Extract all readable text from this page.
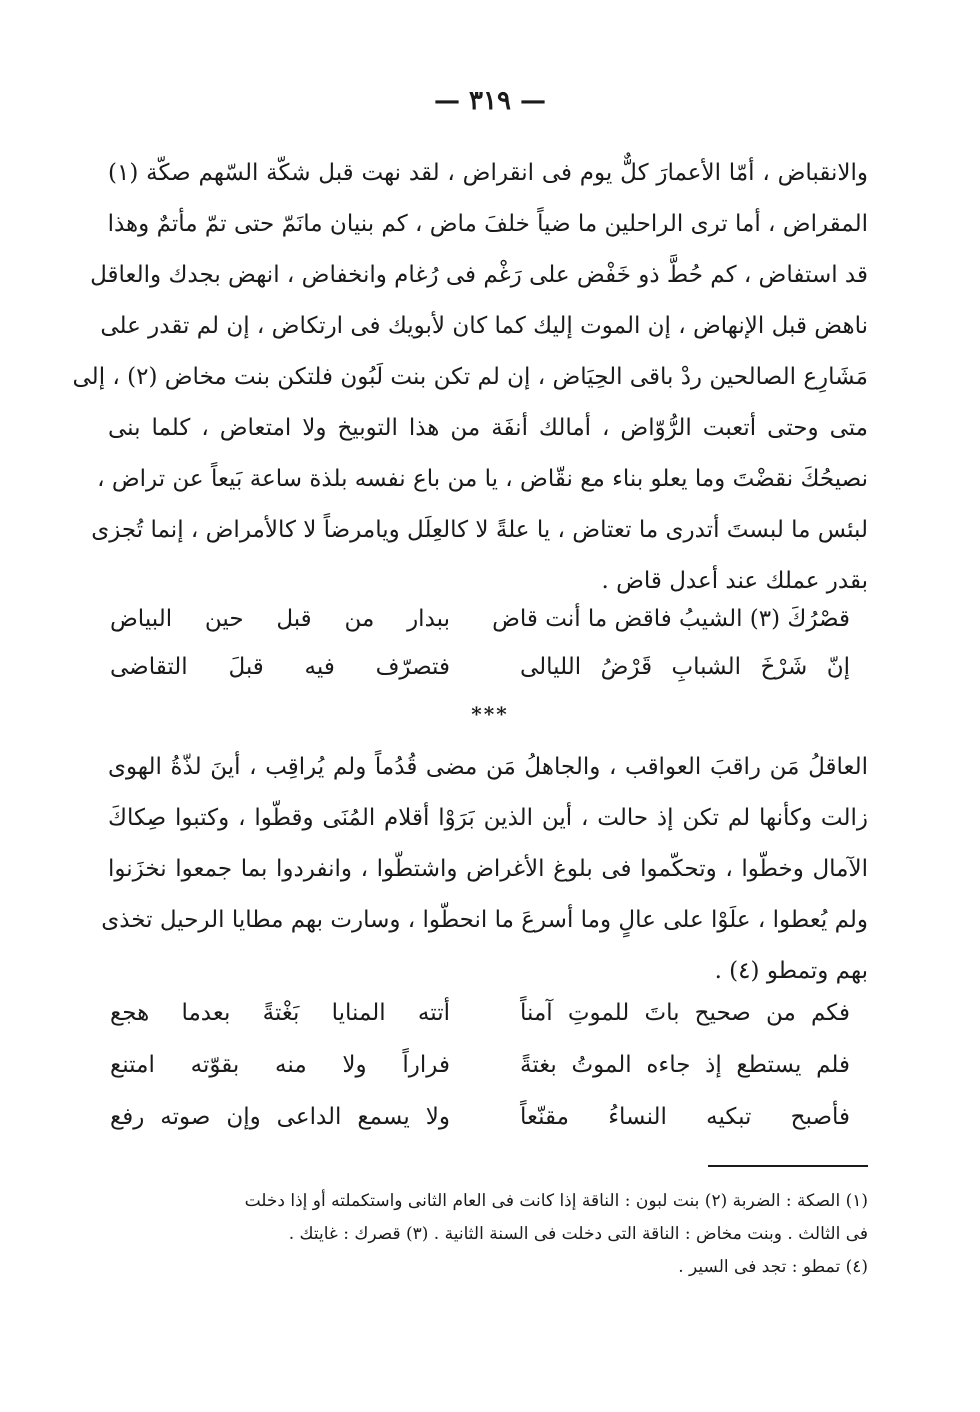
— ٣١٩ —
والانقباض ، أمّا الأعمارَ كلٌّ يوم فى انقراض ، لقد نهت قبل شكّة السّهم صكّة (١)
المقراض ، أما ترى الراحلين ما ضياً خلفَ ماض ، كم بنيان مانَمّ حتى تمّ مأتمٌ وهذا
قد استفاض ، كم حُطَّ ذو خَفْض على رَغْم فى رُغام وانخفاض ، انهض بجدك والعاقل
ناهض قبل الإنهاض ، إن الموت إليك كما كان لأبويك فى ارتكاض ، إن لم تقدر على
مَشَارِع الصالحين ردْ باقى الحِيَاض ، إن لم تكن بنت لَبُون فلتكن بنت مخاض (٢) ، إلى
متى وحتى أتعبت الرُّوّاض ، أمالك أنفَة من هذا التوبيخ ولا امتعاض ، كلما بنى
نصيحُكَ نقضْتَ وما يعلو بناء مع نقّاض ، يا من باع نفسه بلذة ساعة بَيعاً عن تراض ،
لبئس ما لبستَ أتدرى ما تعتاض ، يا علةً لا كالعِلَل ويامرضاً لا كالأمراض ، إنما تُجزى
بقدر عملك عند أعدل قاض .
قصْرُكَ (٣) الشيبُ فاقض ما أنت قاض
ببدار من قبل حين البياض
إنّ شَرْخَ الشبابِ قَرْضُ الليالى
فتصرّف فيه قبلَ التقاضى
***
العاقلُ مَن راقبَ العواقب ، والجاهلُ مَن مضى قُدُماً ولم يُراقِب ، أينَ لذّةُ الهوى
زالت وكأنها لم تكن إذ حالت ، أين الذين بَرَوْا أقلام المُنَى وقطّوا ، وكتبوا صِكاكَ
الآمال وخطّوا ، وتحكّموا فى بلوغ الأغراض واشتطّوا ، وانفردوا بما جمعوا نخزَنوا
ولم يُعطوا ، علَوْا على عالٍ وما أسرعَ ما انحطّوا ، وسارت بهم مطايا الرحيل تخذى
بهم وتمطو (٤) .
فكم من صحيح باتَ للموتِ آمناً
أتته المنايا بَغْتةً بعدما هجع
فلم يستطع إذ جاءه الموتُ بغتةً
فراراً ولا منه بقوّته امتنع
فأصبح تبكيه النساءُ مقنّعاً
ولا يسمع الداعى وإن صوته رفع
(١) الصكة : الضربة (٢) بنت لبون : الناقة إذا كانت فى العام الثانى واستكملته أو إذا دخلت
فى الثالث . وبنت مخاض : الناقة التى دخلت فى السنة الثانية . (٣) قصرك : غايتك .
(٤) تمطو : تجد فى السير .
